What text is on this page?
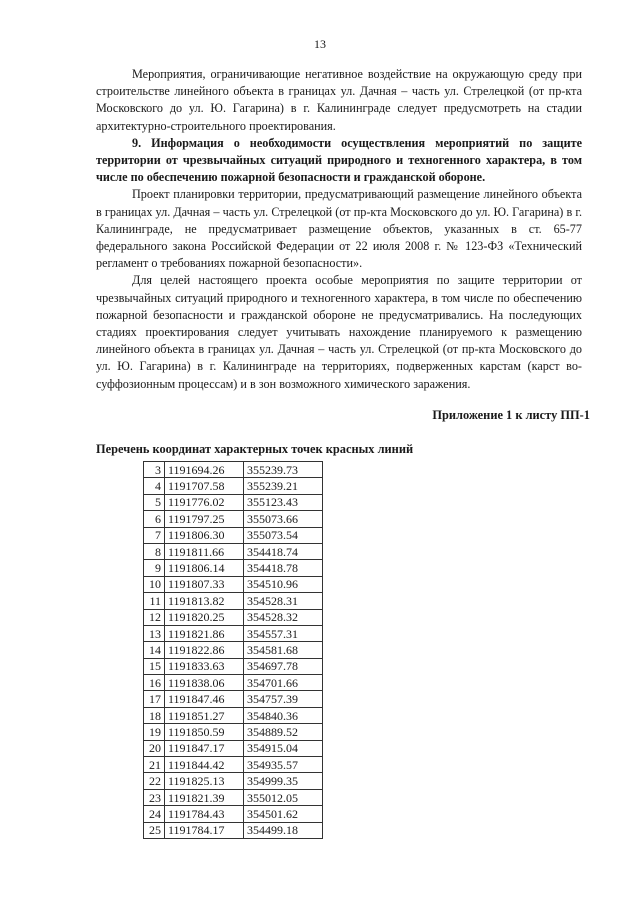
13

Мероприятия, ограничивающие негативное воздействие на окружающую среду при строительстве линейного объекта в границах ул. Дачная – часть ул. Стрелецкой (от пр-кта Московского до ул. Ю. Гагарина) в г. Калининграде следует предусмотреть на стадии архитектурно-строительного проектирования.

9. Информация о необходимости осуществления мероприятий по защите территории от чрезвычайных ситуаций природного и техногенного характера, в том числе по обеспечению пожарной безопасности и гражданской обороне.

Проект планировки территории, предусматривающий размещение линейного объекта в границах ул. Дачная – часть ул. Стрелецкой (от пр-кта Московского до ул. Ю. Гагарина) в г. Калининграде, не предусматривает размещение объектов, указанных в ст. 65-77 федерального закона Российской Федерации от 22 июля 2008 г. № 123-ФЗ «Технический регламент о требованиях пожарной безопасности».

Для целей настоящего проекта особые мероприятия по защите территории от чрезвычайных ситуаций природного и техногенного характера, в том числе по обеспечению пожарной безопасности и гражданской обороне не предусматривались. На последующих стадиях проектирования следует учитывать нахождение планируемого к размещению линейного объекта в границах ул. Дачная – часть ул. Стрелецкой (от пр-кта Московского до ул. Ю. Гагарина) в г. Калининграде на территориях, подверженных карстам (карст во-суффозионным процессам) и в зон возможного химического заражения.

Приложение 1 к листу ПП-1
Перечень координат характерных точек красных линий
3	1191694.26	355239.73
4	1191707.58	355239.21
5	1191776.02	355123.43
6	1191797.25	355073.66
7	1191806.30	355073.54
8	1191811.66	354418.74
9	1191806.14	354418.78
10	1191807.33	354510.96
11	1191813.82	354528.31
12	1191820.25	354528.32
13	1191821.86	354557.31
14	1191822.86	354581.68
15	1191833.63	354697.78
16	1191838.06	354701.66
17	1191847.46	354757.39
18	1191851.27	354840.36
19	1191850.59	354889.52
20	1191847.17	354915.04
21	1191844.42	354935.57
22	1191825.13	354999.35
23	1191821.39	355012.05
24	1191784.43	354501.62
25	1191784.17	354499.18
